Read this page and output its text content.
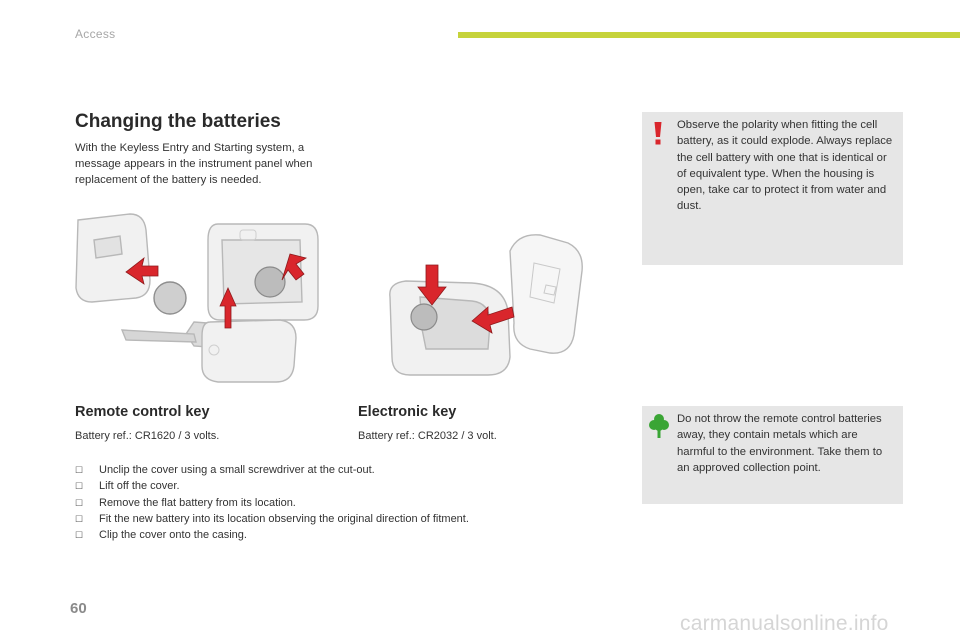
Access
Changing the batteries

With the Keyless Entry and Starting system, a message appears in the instrument panel when replacement of the battery is needed.

Remote control key

Battery ref.: CR1620 / 3 volts.

Electronic key

Battery ref.: CR2032 / 3 volt.

☐	Unclip the cover using a small screwdriver at the cut-out.
☐	Lift off the cover.
☐	Remove the flat battery from its location.
☐	Fit the new battery into its location observing the original direction of fitment.
☐	Clip the cover onto the casing.

Observe the polarity when fitting the cell battery, as it could explode. Always replace the cell battery with one that is identical or of equivalent type. When the housing is open, take car to protect it from water and dust.

Do not throw the remote control batteries away, they contain metals which are harmful to the environment. Take them to an approved collection point.

60
carmanualsonline.info
